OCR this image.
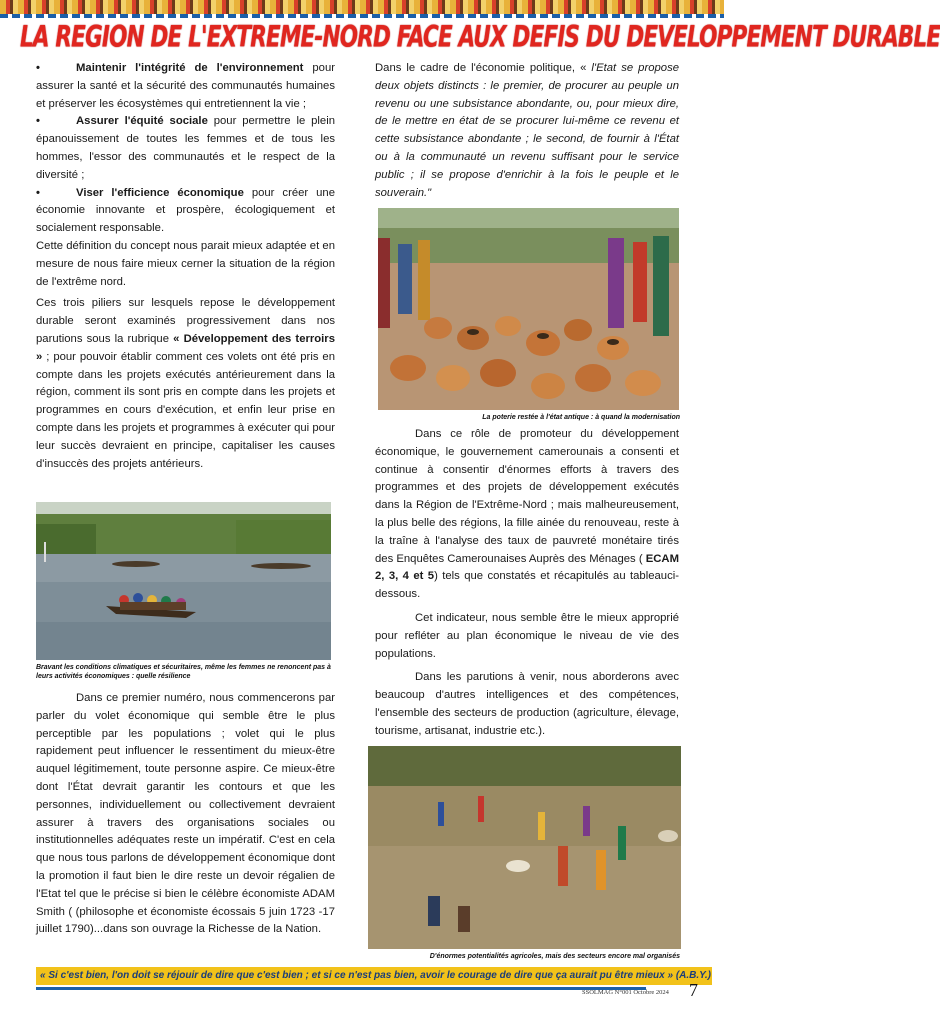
LA REGION DE L'EXTREME-NORD FACE AUX DEFIS DU DEVELOPPEMENT DURABLE

•	Maintenir l'intégrité de l'environnement pour assurer la santé et la sécurité des communautés humaines et préserver les écosystèmes qui entretiennent la vie ;

•	Assurer l'équité sociale pour permettre le plein épanouissement de toutes les femmes et de tous les hommes, l'essor des communautés et le respect de la diversité ;

•	Viser l'efficience économique pour créer une économie innovante et prospère, écologiquement et socialement responsable.

Cette définition du concept nous parait mieux adaptée et en mesure de nous faire mieux cerner la situation de la région de l'extrême nord.

Ces trois piliers sur lesquels repose le développement durable seront examinés progressivement dans nos parutions sous la rubrique « Développement des terroirs » ; pour pouvoir établir comment ces volets ont été pris en compte dans les projets exécutés antérieurement dans la région, comment ils sont pris en compte dans les projets et programmes en cours d'exécution, et enfin leur prise en compte dans les projets et programmes à exécuter qui pour leur succès devraient en principe, capitaliser les causes d'insuccès des projets antérieurs.

Bravant les conditions climatiques et sécuritaires, même les femmes ne renoncent pas à leurs activités économiques : quelle résilience

Dans ce premier numéro, nous commencerons par parler du volet économique qui semble être le plus perceptible par les populations ; volet qui le plus rapidement peut influencer le ressentiment du mieux-être auquel légitimement, toute personne aspire. Ce mieux-être dont l'État devrait garantir les contours et que les personnes, individuellement ou collectivement devraient assurer à travers des organisations sociales ou institutionnelles adéquates reste un impératif. C'est en cela que nous tous parlons de développement économique dont la promotion il faut bien le dire reste un devoir régalien de l'Etat tel que le précise si bien le célèbre économiste ADAM Smith ( (philosophe et économiste écossais 5 juin 1723 -17 juillet 1790)...dans son ouvrage la Richesse de la Nation.

Dans le cadre de l'économie politique, « l'Etat se propose deux objets distincts : le premier, de procurer au peuple un revenu ou une subsistance abondante, ou, pour mieux dire, de le mettre en état de se procurer lui-même ce revenu et cette subsistance abondante ; le second, de fournir à l'État ou à la communauté un revenu suffisant pour le service public ; il se propose d'enrichir à la fois le peuple et le souverain."

La poterie restée à l'état antique : à quand la modernisation

Dans ce rôle de promoteur du développement économique, le gouvernement camerounais a consenti et continue à consentir d'énormes efforts à travers des programmes et des projets de développement exécutés dans la Région de l'Extrême-Nord ; mais malheureusement, la plus belle des régions, la fille ainée du renouveau, reste à la traîne à l'analyse des taux de pauvreté monétaire tirés des Enquêtes Camerounaises Auprès des Ménages ( ECAM 2, 3, 4 et 5) tels que constatés et récapitulés au tableauci-dessous.

Cet indicateur, nous semble être le mieux approprié pour refléter au plan économique le niveau de vie des populations.

Dans les parutions à venir, nous aborderons avec beaucoup d'autres intelligences et des compétences, l'ensemble des secteurs de production (agriculture, élevage, tourisme, artisanat, industrie etc.).

D'énormes potentialités agricoles, mais des secteurs encore mal organisés
« Si c'est bien, l'on doit se réjouir de dire que c'est bien ; et si ce n'est pas bien, avoir le courage de dire que ça aurait pu être mieux » (A.B.Y.)
SSOLMAG N°001 Octobre 2024 7
